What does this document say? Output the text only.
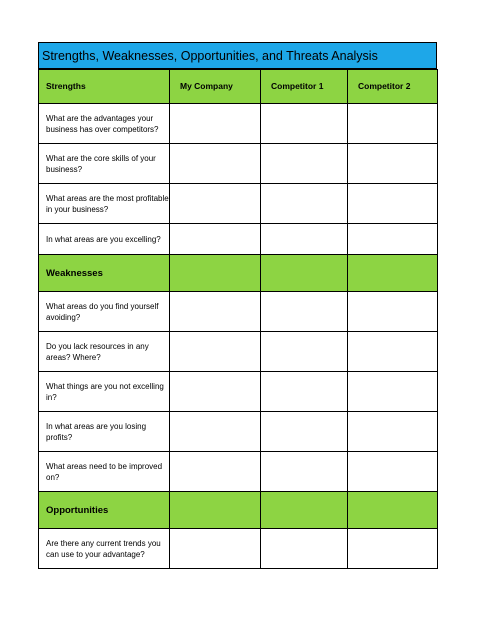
Strengths, Weaknesses, Opportunities, and Threats Analysis
Strengths	My Company	Competitor 1	Competitor 2
What are the advantages your business has over competitors?			
What are the core skills of your business?			
What areas are the most profitable in your business?			
In what areas are you excelling?			
Weaknesses			
What areas do you find yourself avoiding?			
Do you lack resources in any areas? Where?			
What things are you not excelling in?			
In what areas are you losing profits?			
What areas need to be improved on?			
Opportunities			
Are there any current trends you can use to your advantage?			
